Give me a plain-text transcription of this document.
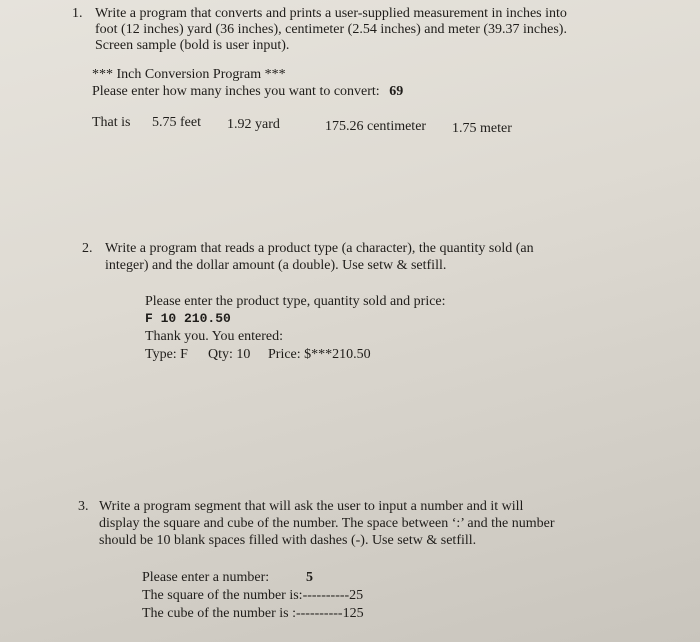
1. Write a program that converts and prints a user-supplied measurement in inches into
foot (12 inches) yard (36 inches), centimeter (2.54 inches) and meter (39.37 inches).
Screen sample (bold is user input).
*** Inch Conversion Program ***
Please enter how many inches you want to convert: 69
That is 5.75 feet 1.92 yard	175.26 centimeter 1.75 meter
2. Write a program that reads a product type (a character), the quantity sold (an
integer) and the dollar amount (a double). Use setw & setfill.
Please enter the product type, quantity sold and price:
F 10 210.50
Thank you. You entered:
Type: F Qty: 10 Price: $***210.50
3. Write a program segment that will ask the user to input a number and it will
display the square and cube of the number. The space between ‘:’ and the number
should be 10 blank spaces filled with dashes (-). Use setw & setfill.
Please enter a number:	5
The square of the number is:----------25
The cube of the number is :----------125
